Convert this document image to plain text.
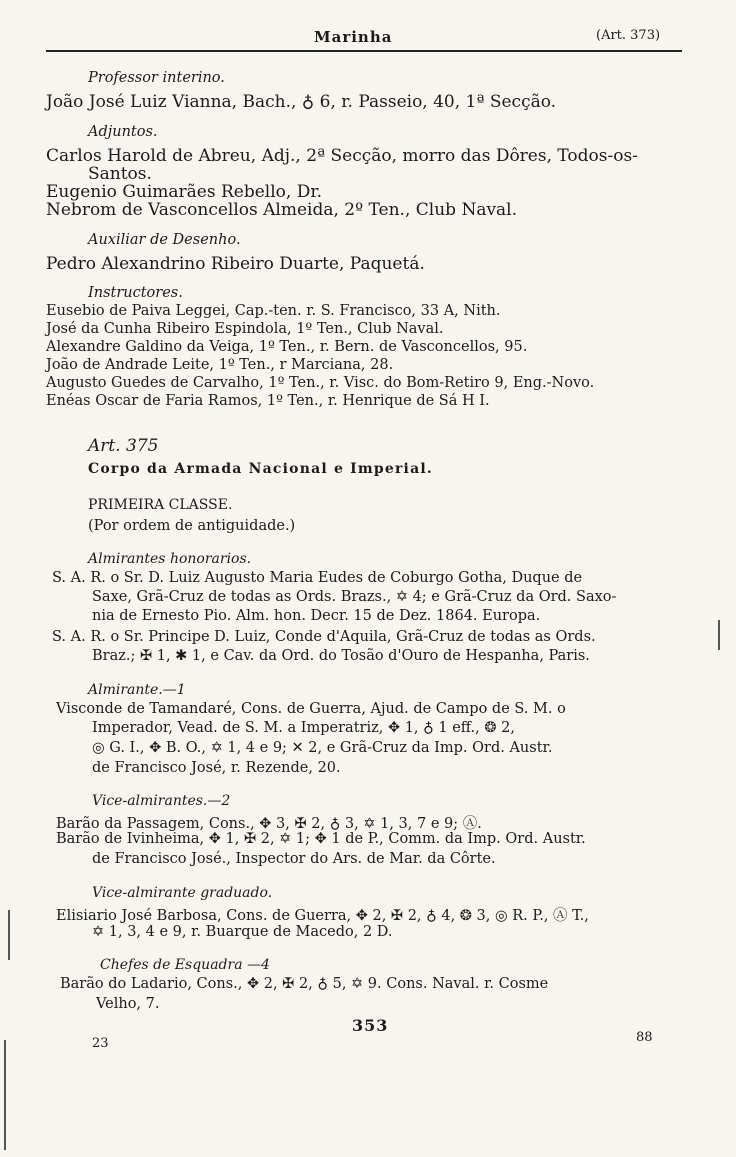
Marinha	(Art. 373)
Professor interino.
João José Luiz Vianna, Bach., ♁ 6, r. Passeio, 40, 1ª Secção.
Adjuntos.
Carlos Harold de Abreu, Adj., 2ª Secção, morro das Dôres, Todos-os-
Santos.
Eugenio Guimarães Rebello, Dr.
Nebrom de Vasconcellos Almeida, 2º Ten., Club Naval.
Auxiliar de Desenho.
Pedro Alexandrino Ribeiro Duarte, Paquetá.
Instructores.
Eusebio de Paiva Leggei, Cap.-ten. r. S. Francisco, 33 A, Nith.
José da Cunha Ribeiro Espindola, 1º Ten., Club Naval.
Alexandre Galdino da Veiga, 1º Ten., r. Bern. de Vasconcellos, 95.
João de Andrade Leite, 1º Ten., r Marciana, 28.
Augusto Guedes de Carvalho, 1º Ten., r. Visc. do Bom-Retiro 9, Eng.-Novo.
Enéas Oscar de Faria Ramos, 1º Ten., r. Henrique de Sá H I.
Art. 375
Corpo da Armada Nacional e Imperial.
PRIMEIRA CLASSE.
(Por ordem de antiguidade.)
Almirantes honorarios.
S. A. R. o Sr. D. Luiz Augusto Maria Eudes de Coburgo Gotha, Duque de
Saxe, Grã-Cruz de todas as Ords. Brazs., ✡ 4; e Grã-Cruz da Ord. Saxo-
nia de Ernesto Pio. Alm. hon. Decr. 15 de Dez. 1864. Europa.
S. A. R. o Sr. Principe D. Luiz, Conde d'Aquila, Grã-Cruz de todas as Ords.
Braz.; ✠ 1, ✱ 1, e Cav. da Ord. do Tosão d'Ouro de Hespanha, Paris.
Almirante.—1
Visconde de Tamandaré, Cons. de Guerra, Ajud. de Campo de S. M. o
Imperador, Vead. de S. M. a Imperatriz, ✥ 1, ♁ 1 eff., ❂ 2,
◎ G. I., ✥ B. O., ✡ 1, 4 e 9; ✕ 2, e Grã-Cruz da Imp. Ord. Austr.
de Francisco José, r. Rezende, 20.
Vice-almirantes.—2
Barão da Passagem, Cons., ✥ 3, ✠ 2, ♁ 3, ✡ 1, 3, 7 e 9; Ⓐ.
Barão de Ivinheima, ✥ 1, ✠ 2, ✡ 1; ✥ 1 de P., Comm. da Imp. Ord. Austr.
de Francisco José., Inspector do Ars. de Mar. da Côrte.
Vice-almirante graduado.
Elisiario José Barbosa, Cons. de Guerra, ✥ 2, ✠ 2, ♁ 4, ❂ 3, ◎ R. P., Ⓐ T.,
✡ 1, 3, 4 e 9, r. Buarque de Macedo, 2 D.
Chefes de Esquadra —4
Barão do Ladario, Cons., ✥ 2, ✠ 2, ♁ 5, ✡ 9. Cons. Naval. r. Cosme
Velho, 7.
353
23	88
